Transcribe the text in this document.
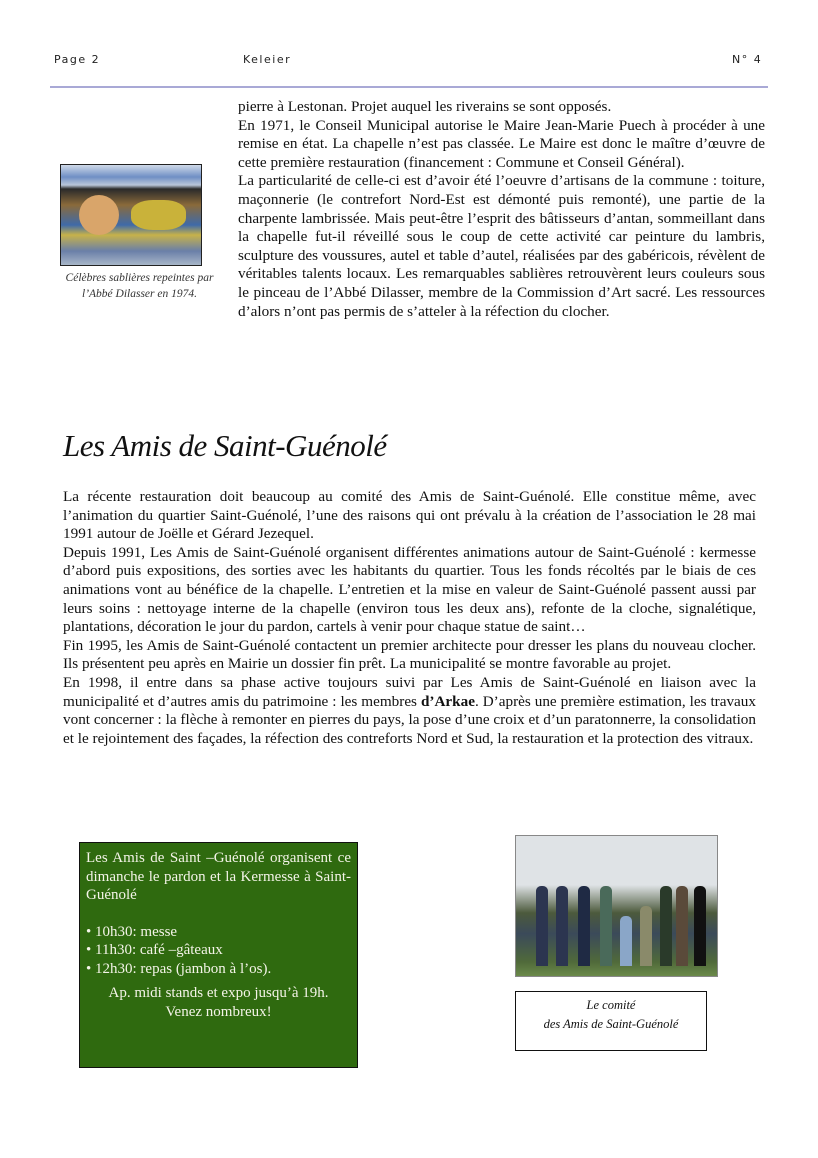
Page 2	Keleier	N° 4

pierre à Lestonan. Projet auquel les riverains se sont opposés.

En 1971, le Conseil Municipal autorise le Maire Jean-Marie Puech à procéder à une remise en état. La chapelle n’est pas classée. Le Maire est donc le maître d’œuvre de cette première restauration (financement : Commune et Conseil Général).

La particularité de celle-ci est d’avoir été l’oeuvre d’artisans de la commune : toiture, maçonnerie (le contrefort Nord-Est est démonté puis remonté), une partie de la charpente lambrissée. Mais peut-être l’esprit des bâtisseurs d’antan, sommeillant dans la chapelle fut-il réveillé sous le coup de cette activité car peinture du lambris, sculpture des voussures, autel et table d’autel, réalisées par des gabéricois, révèlent de véritables talents locaux. Les remarquables sablières retrouvèrent leurs couleurs sous le pinceau de l’Abbé Dilasser, membre de la Commission d’Art sacré. Les ressources d’alors n’ont pas permis de s’atteler à la réfection du clocher.

Célèbres sablières repeintes par
l’Abbé Dilasser en 1974.
Les Amis de Saint-Guénolé

La récente restauration doit beaucoup au comité des Amis de Saint-Guénolé. Elle constitue même, avec l’animation du quartier Saint-Guénolé, l’une des raisons qui ont prévalu à la création de l’association le 28 mai 1991 autour de Joëlle et Gérard Jezequel.

Depuis 1991, Les Amis de Saint-Guénolé organisent différentes animations autour de Saint-Guénolé : kermesse d’abord puis expositions, des sorties avec les habitants du quartier. Tous les fonds récoltés par le biais de ces animations vont au bénéfice de la chapelle. L’entretien et la mise en valeur de Saint-Guénolé passent aussi par leurs soins : nettoyage interne de la chapelle (environ tous les deux ans), refonte de la cloche, signalétique, plantations, décoration le jour du pardon, cartels à venir pour chaque statue de saint…

Fin 1995, les Amis de Saint-Guénolé contactent un premier architecte pour dresser les plans du nouveau clocher. Ils présentent peu après en Mairie un dossier fin prêt. La municipalité se montre favorable au projet.

En 1998, il entre dans sa phase active toujours suivi par Les Amis de Saint-Guénolé en liaison avec la municipalité et d’autres amis du patrimoine : les membres d’Arkae. D’après une première estimation, les travaux vont concerner : la flèche à remonter en pierres du pays, la pose d’une croix et d’un paratonnerre, la consolidation et le rejointement des façades, la réfection des contreforts Nord et Sud, la restauration et la protection des vitraux.

Les Amis de Saint –Guénolé organisent ce dimanche le pardon et la Kermesse à Saint-Guénolé

• 10h30: messe
• 11h30: café –gâteaux
• 12h30: repas (jambon à l’os).

Ap. midi stands et expo jusqu’à 19h.

Venez nombreux!	Le comité
des Amis de Saint-Guénolé
